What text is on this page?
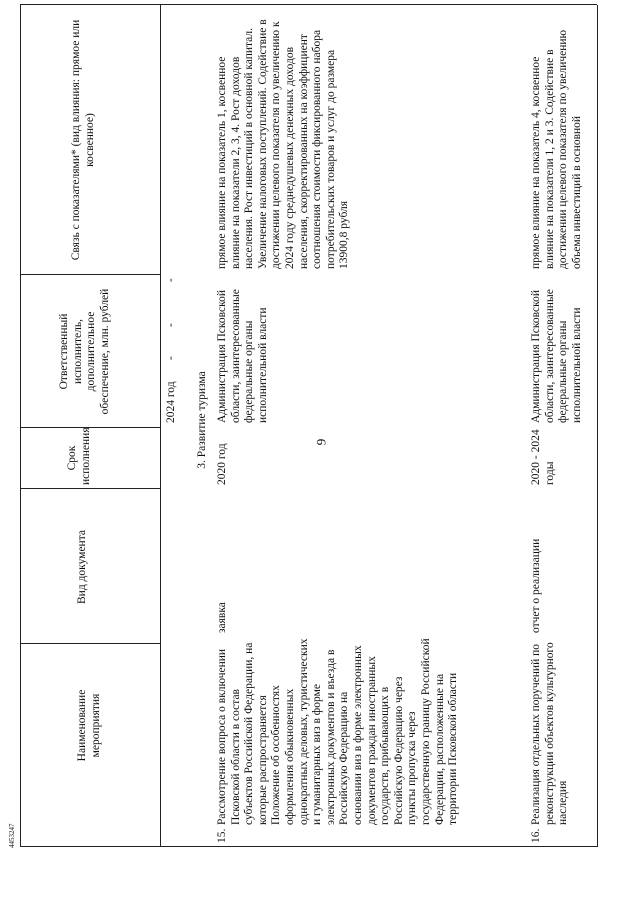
9
4453247
Наименование мероприятия
Вид документа
Срок исполнения
Ответственный исполнитель, дополнительное обеспечение, млн. рублей
Связь с показателями* (вид влияния: прямое или косвенное)
2024 год
-
-
-
3. Развитие туризма
15.
Рассмотрение вопроса о включении Псковской области в состав субъектов Российской Федерации, на которые распространяется Положение об особенностях оформления обыкновенных однократных деловых, туристических и гуманитарных виз в форме электронных документов и въезда в Российскую Федерацию на основании виз в форме электронных документов граждан иностранных государств, прибывающих в Российскую Федерацию через пункты пропуска через государственную границу Российской Федерации, расположенные на территории Псковской области
заявка
2020 год
Администрация Псковской области, заинтересованные федеральные органы исполнительной власти
прямое влияние на показатель 1, косвенное влияние на показатели 2, 3, 4. Рост доходов населения. Рост инвестиций в основной капитал. Увеличение налоговых поступлений. Содействие в достижении целевого показателя по увеличению к 2024 году среднедушевых денежных доходов населения, скорректированных на коэффициент соотношения стоимости фиксированного набора потребительских товаров и услуг до размера 13900,8 рубля
16.
Реализация отдельных поручений по реконструкции объектов культурного наследия
отчет о реализации
2020 - 2024 годы
Администрация Псковской области, заинтересованные федеральные органы исполнительной власти
прямое влияние на показатель 4, косвенное влияние на показатели 1, 2 и 3. Содействие в достижении целевого показателя по увеличению объема инвестиций в основной
